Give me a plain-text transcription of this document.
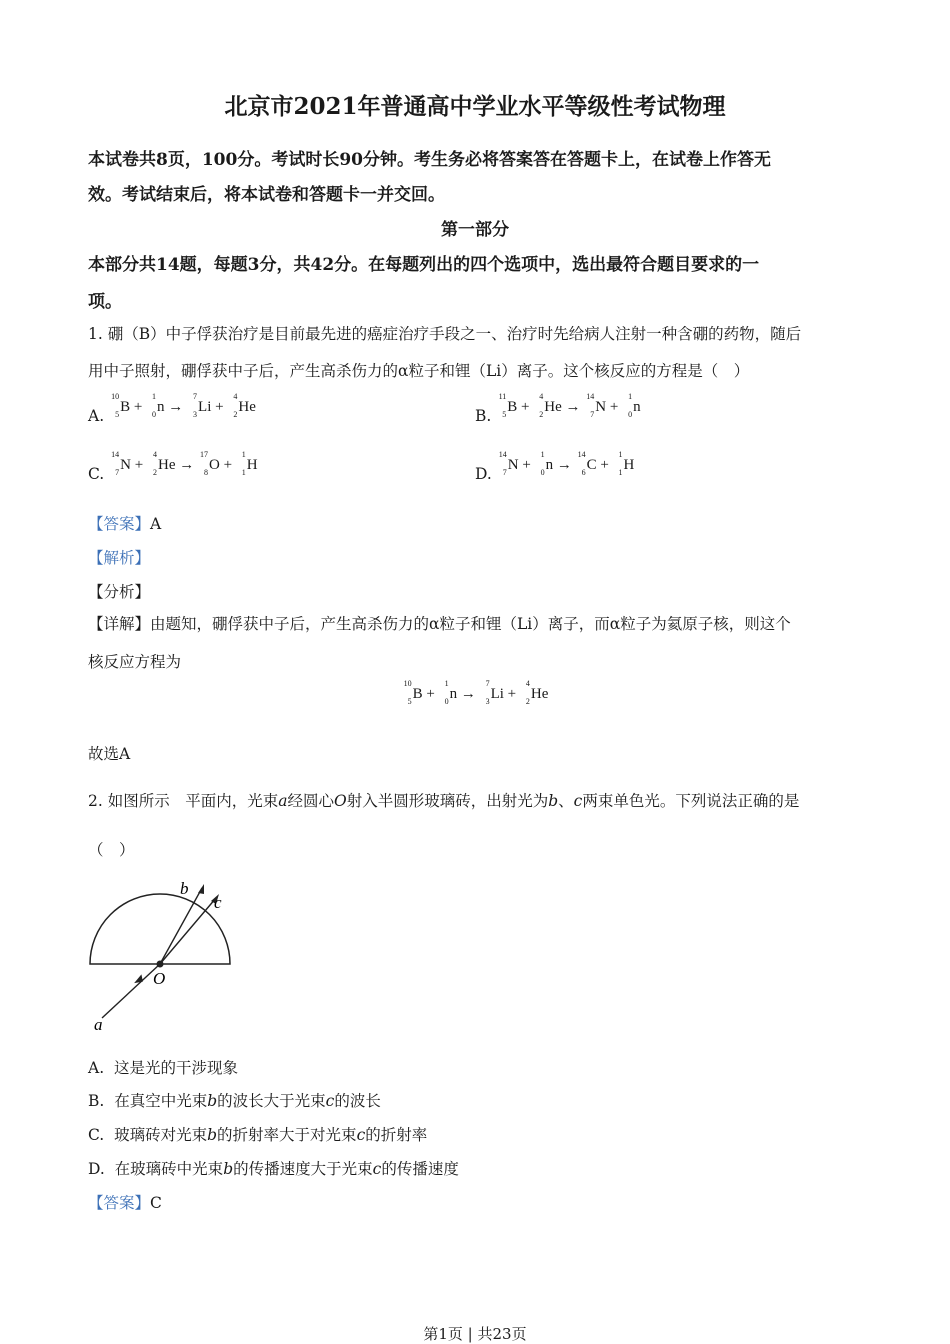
北京市2021年普通高中学业水平等级性考试物理
本试卷共8页，100分。考试时长90分钟。考生务必将答案答在答题卡上，在试卷上作答无
效。考试结束后，将本试卷和答题卡一并交回。
第一部分
本部分共14题，每题3分，共42分。在每题列出的四个选项中，选出最符合题目要求的一
项。
1. 硼（B）中子俘获治疗是目前最先进的癌症治疗手段之一、治疗时先给病人注射一种含硼的药物，随后
用中子照射，硼俘获中子后，产生高杀伤力的α粒子和锂（Li）离子。这个核反应的方程是（　）
A.
10
5 B +
1
0 n →
7
3 Li +
4
2 He	B.
11
5 B +
4
2 He →
14
7 N +
1
0 n
C.
14
7 N +
4
2 He →
17
8 O +
1
1 H	D.
14
7 N +
1
0 n →
14
6 C +
1
1 H
【答案】A
【解析】
【分析】
【详解】由题知，硼俘获中子后，产生高杀伤力的α粒子和锂（Li）离子，而α粒子为氦原子核，则这个
核反应方程为
10
5 B +
1
0 n →
7
3 Li +
4
2 He
故选A
2. 如图所示　平面内，光束a经圆心O射入半圆形玻璃砖，出射光为b、c两束单色光。下列说法正确的是
（　）
O
a
b
c
A. 这是光的干涉现象
B. 在真空中光束b的波长大于光束c的波长
C. 玻璃砖对光束b的折射率大于对光束c的折射率
D. 在玻璃砖中光束b的传播速度大于光束c的传播速度
【答案】C
第1页 | 共23页
